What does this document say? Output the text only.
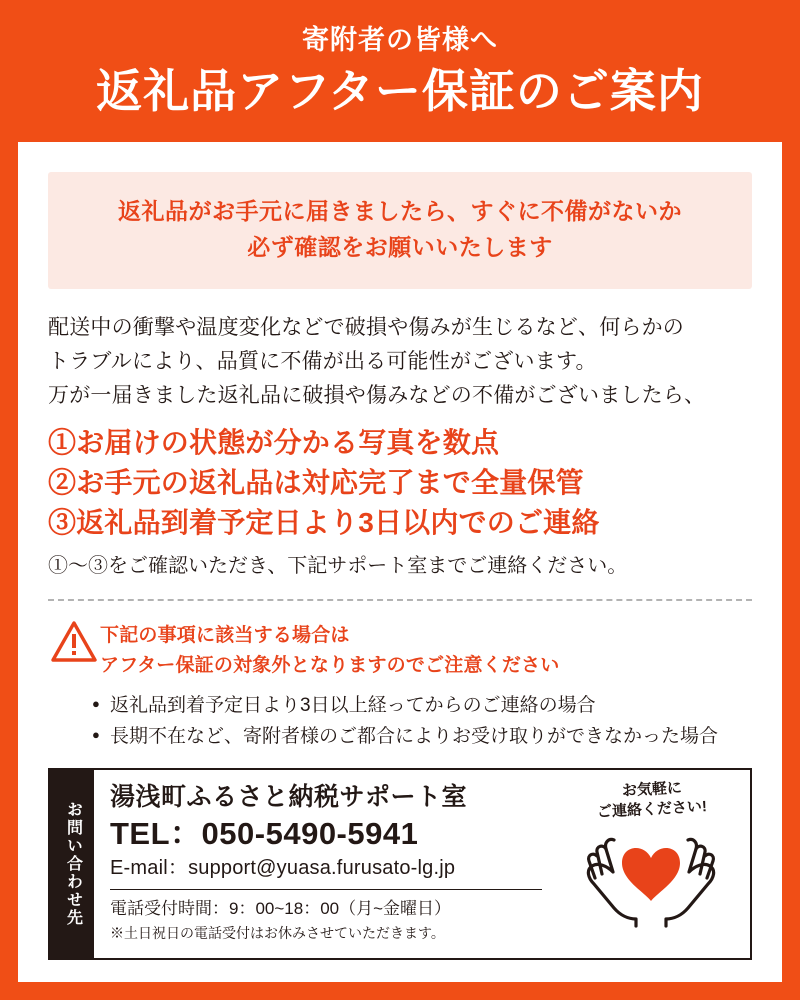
寄附者の皆様へ
返礼品アフター保証のご案内
返礼品がお手元に届きましたら、すぐに不備がないか
必ず確認をお願いいたします
配送中の衝撃や温度変化などで破損や傷みが生じるなど、何らかの
トラブルにより、品質に不備が出る可能性がございます。
万が一届きました返礼品に破損や傷みなどの不備がございましたら、
①お届けの状態が分かる写真を数点
②お手元の返礼品は対応完了まで全量保管
③返礼品到着予定日より3日以内でのご連絡
①〜③をご確認いただき、下記サポート室までご連絡ください。
下記の事項に該当する場合は
アフター保証の対象外となりますのでご注意ください
● 返礼品到着予定日より3日以上経ってからのご連絡の場合
● 長期不在など、寄附者様のご都合によりお受け取りができなかった場合
お問い合わせ先
湯浅町ふるさと納税サポート室
TEL：050-5490-5941
E-mail：support@yuasa.furusato-lg.jp
電話受付時間：9：00~18：00（月~金曜日）
※土日祝日の電話受付はお休みさせていただきます。
お気軽に
ご連絡ください!
